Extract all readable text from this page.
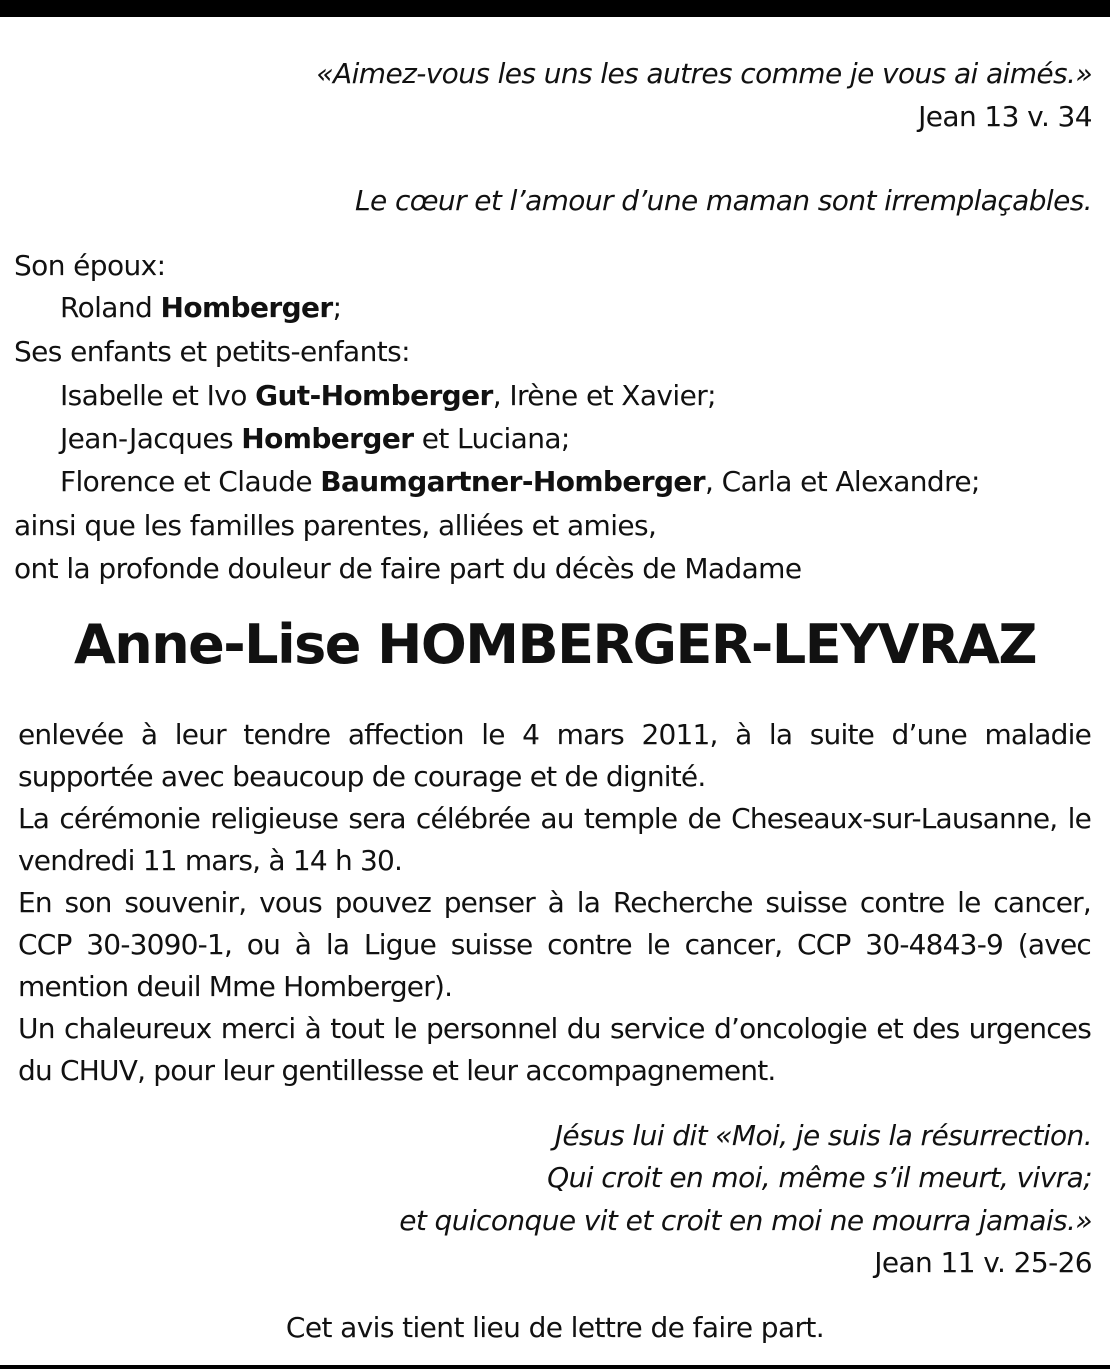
«Aimez-vous les uns les autres comme je vous ai aimés.»
Jean 13 v. 34
Le cœur et l’amour d’une maman sont irremplaçables.
Son époux:
Roland Homberger;
Ses enfants et petits-enfants:
Isabelle et Ivo Gut-Homberger, Irène et Xavier;
Jean-Jacques Homberger et Luciana;
Florence et Claude Baumgartner-Homberger, Carla et Alexandre;
ainsi que les familles parentes, alliées et amies,
ont la profonde douleur de faire part du décès de Madame
Anne-Lise HOMBERGER-LEYVRAZ
enlevée à leur tendre affection le 4 mars 2011, à la suite d’une maladie supportée avec beaucoup de courage et de dignité.
La cérémonie religieuse sera célébrée au temple de Cheseaux-sur-Lausanne, le vendredi 11 mars, à 14 h 30.
En son souvenir, vous pouvez penser à la Recherche suisse contre le cancer, CCP 30-3090-1, ou à la Ligue suisse contre le cancer, CCP 30-4843-9 (avec mention deuil Mme Homberger).
Un chaleureux merci à tout le personnel du service d’oncologie et des urgences du CHUV, pour leur gentillesse et leur accompagnement.
Jésus lui dit «Moi, je suis la résurrection.
Qui croit en moi, même s’il meurt, vivra;
et quiconque vit et croit en moi ne mourra jamais.»
Jean 11 v. 25-26
Cet avis tient lieu de lettre de faire part.
